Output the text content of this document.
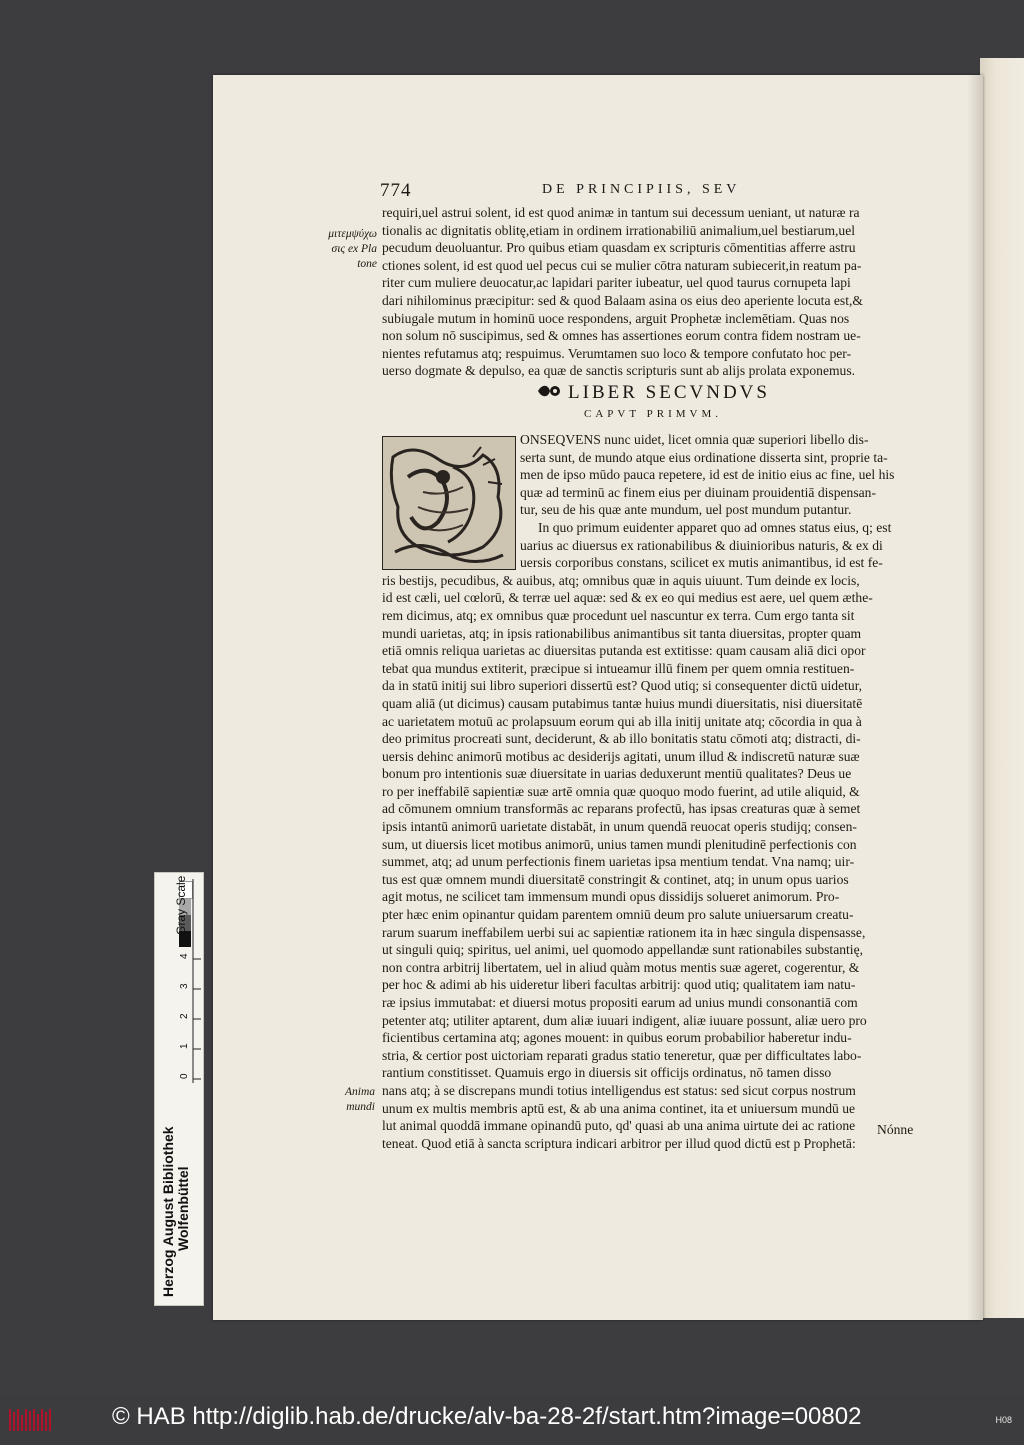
774	DE PRINCIPIIS, SEV
μιτεμψύχω
σις ex Pla
tone
requiri,uel astrui solent, id est quod animæ in tantum sui decessum ueniant, ut naturæ ra
tionalis ac dignitatis oblitę,etiam in ordinem irrationabiliū animalium,uel bestiarum,uel
pecudum deuoluantur. Pro quibus etiam quasdam ex scripturis cōmentitias afferre astru
ctiones solent, id est quod uel pecus cui se mulier cōtra naturam subiecerit,in reatum pa-
riter cum muliere deuocatur,ac lapidari pariter iubeatur, uel quod taurus cornupeta lapi
dari nihilominus præcipitur: sed & quod Balaam asina os eius deo aperiente locuta est,&
subiugale mutum in hominū uoce respondens, arguit Prophetæ inclemētiam. Quas nos
non solum nō suscipimus, sed & omnes has assertiones eorum contra fidem nostram ue-
nientes refutamus atq; respuimus. Verumtamen suo loco & tempore confutato hoc per-
uerso dogmate & depulso, ea quæ de sanctis scripturis sunt ab alijs prolata exponemus.
LIBER SECVNDVS
CAPVT PRIMVM.
ONSEQVENS nunc uidet, licet omnia quæ superiori libello dis-
serta sunt, de mundo atque eius ordinatione disserta sint, proprie ta-
men de ipso mūdo pauca repetere, id est de initio eius ac fine, uel his
quæ ad terminū ac finem eius per diuinam prouidentiā dispensan-
tur, seu de his quæ ante mundum, uel post mundum putantur.
In quo primum euidenter apparet quo ad omnes status eius, q; est
uarius ac diuersus ex rationabilibus & diuinioribus naturis, & ex di
uersis corporibus constans, scilicet ex mutis animantibus, id est fe-
ris bestijs, pecudibus, & auibus, atq; omnibus quæ in aquis uiuunt. Tum deinde ex locis,
id est cæli, uel cœlorū, & terræ uel aquæ: sed & ex eo qui medius est aere, uel quem æthe-
rem dicimus, atq; ex omnibus quæ procedunt uel nascuntur ex terra. Cum ergo tanta sit
mundi uarietas, atq; in ipsis rationabilibus animantibus sit tanta diuersitas, propter quam
etiā omnis reliqua uarietas ac diuersitas putanda est extitisse: quam causam aliā dici opor
tebat qua mundus extiterit, præcipue si intueamur illū finem per quem omnia restituen-
da in statū initij sui libro superiori dissertū est? Quod utiq; si consequenter dictū uidetur,
quam aliā (ut dicimus) causam putabimus tantæ huius mundi diuersitatis, nisi diuersitatē
ac uarietatem motuū ac prolapsuum eorum qui ab illa initij unitate atq; cōcordia in qua à
deo primitus procreati sunt, deciderunt, & ab illo bonitatis statu cōmoti atq; distracti, di-
uersis dehinc animorū motibus ac desiderijs agitati, unum illud & indiscretū naturæ suæ
bonum pro intentionis suæ diuersitate in uarias deduxerunt mentiū qualitates? Deus ue
ro per ineffabilē sapientiæ suæ artē omnia quæ quoquo modo fuerint, ad utile aliquid, &
ad cōmunem omnium transformās ac reparans profectū, has ipsas creaturas quæ à semet
ipsis intantū animorū uarietate distabāt, in unum quendā reuocat operis studijq; consen-
sum, ut diuersis licet motibus animorū, unius tamen mundi plenitudinē perfectionis con
summet, atq; ad unum perfectionis finem uarietas ipsa mentium tendat. Vna namq; uir-
tus est quæ omnem mundi diuersitatē constringit & continet, atq; in unum opus uarios
agit motus, ne scilicet tam immensum mundi opus dissidijs solueret animorum. Pro-
pter hæc enim opinantur quidam parentem omniū deum pro salute uniuersarum creatu-
rarum suarum ineffabilem uerbi sui ac sapientiæ rationem ita in hæc singula dispensasse,
ut singuli quiq; spiritus, uel animi, uel quomodo appellandæ sunt rationabiles substantię,
non contra arbitrij libertatem, uel in aliud quàm motus mentis suæ ageret, cogerentur, &
per hoc & adimi ab his uideretur liberi facultas arbitrij: quod utiq; qualitatem iam natu-
ræ ipsius immutabat: et diuersi motus propositi earum ad unius mundi consonantiā com
petenter atq; utiliter aptarent, dum aliæ iuuari indigent, aliæ iuuare possunt, aliæ uero pro
ficientibus certamina atq; agones mouent: in quibus eorum probabilior haberetur indu-
stria, & certior post uictoriam reparati gradus statio teneretur, quæ per difficultates labo-
rantium constitisset. Quamuis ergo in diuersis sit officijs ordinatus, nō tamen disso
nans atq; à se discrepans mundi totius intelligendus est status: sed sicut corpus nostrum
unum ex multis membris aptū est, & ab una anima continet, ita et uniuersum mundū ue
lut animal quoddā immane opinandū puto, qd' quasi ab una anima uirtute dei ac ratione
teneat. Quod etiā à sancta scriptura indicari arbitror per illud quod dictū est p Prophetā:
Anima
mundi
Nónne
Gray Scale
4
3
2
1
0
Herzog August Bibliothek Wolfenbüttel
© HAB http://diglib.hab.de/drucke/alv-ba-28-2f/start.htm?image=00802	H08
